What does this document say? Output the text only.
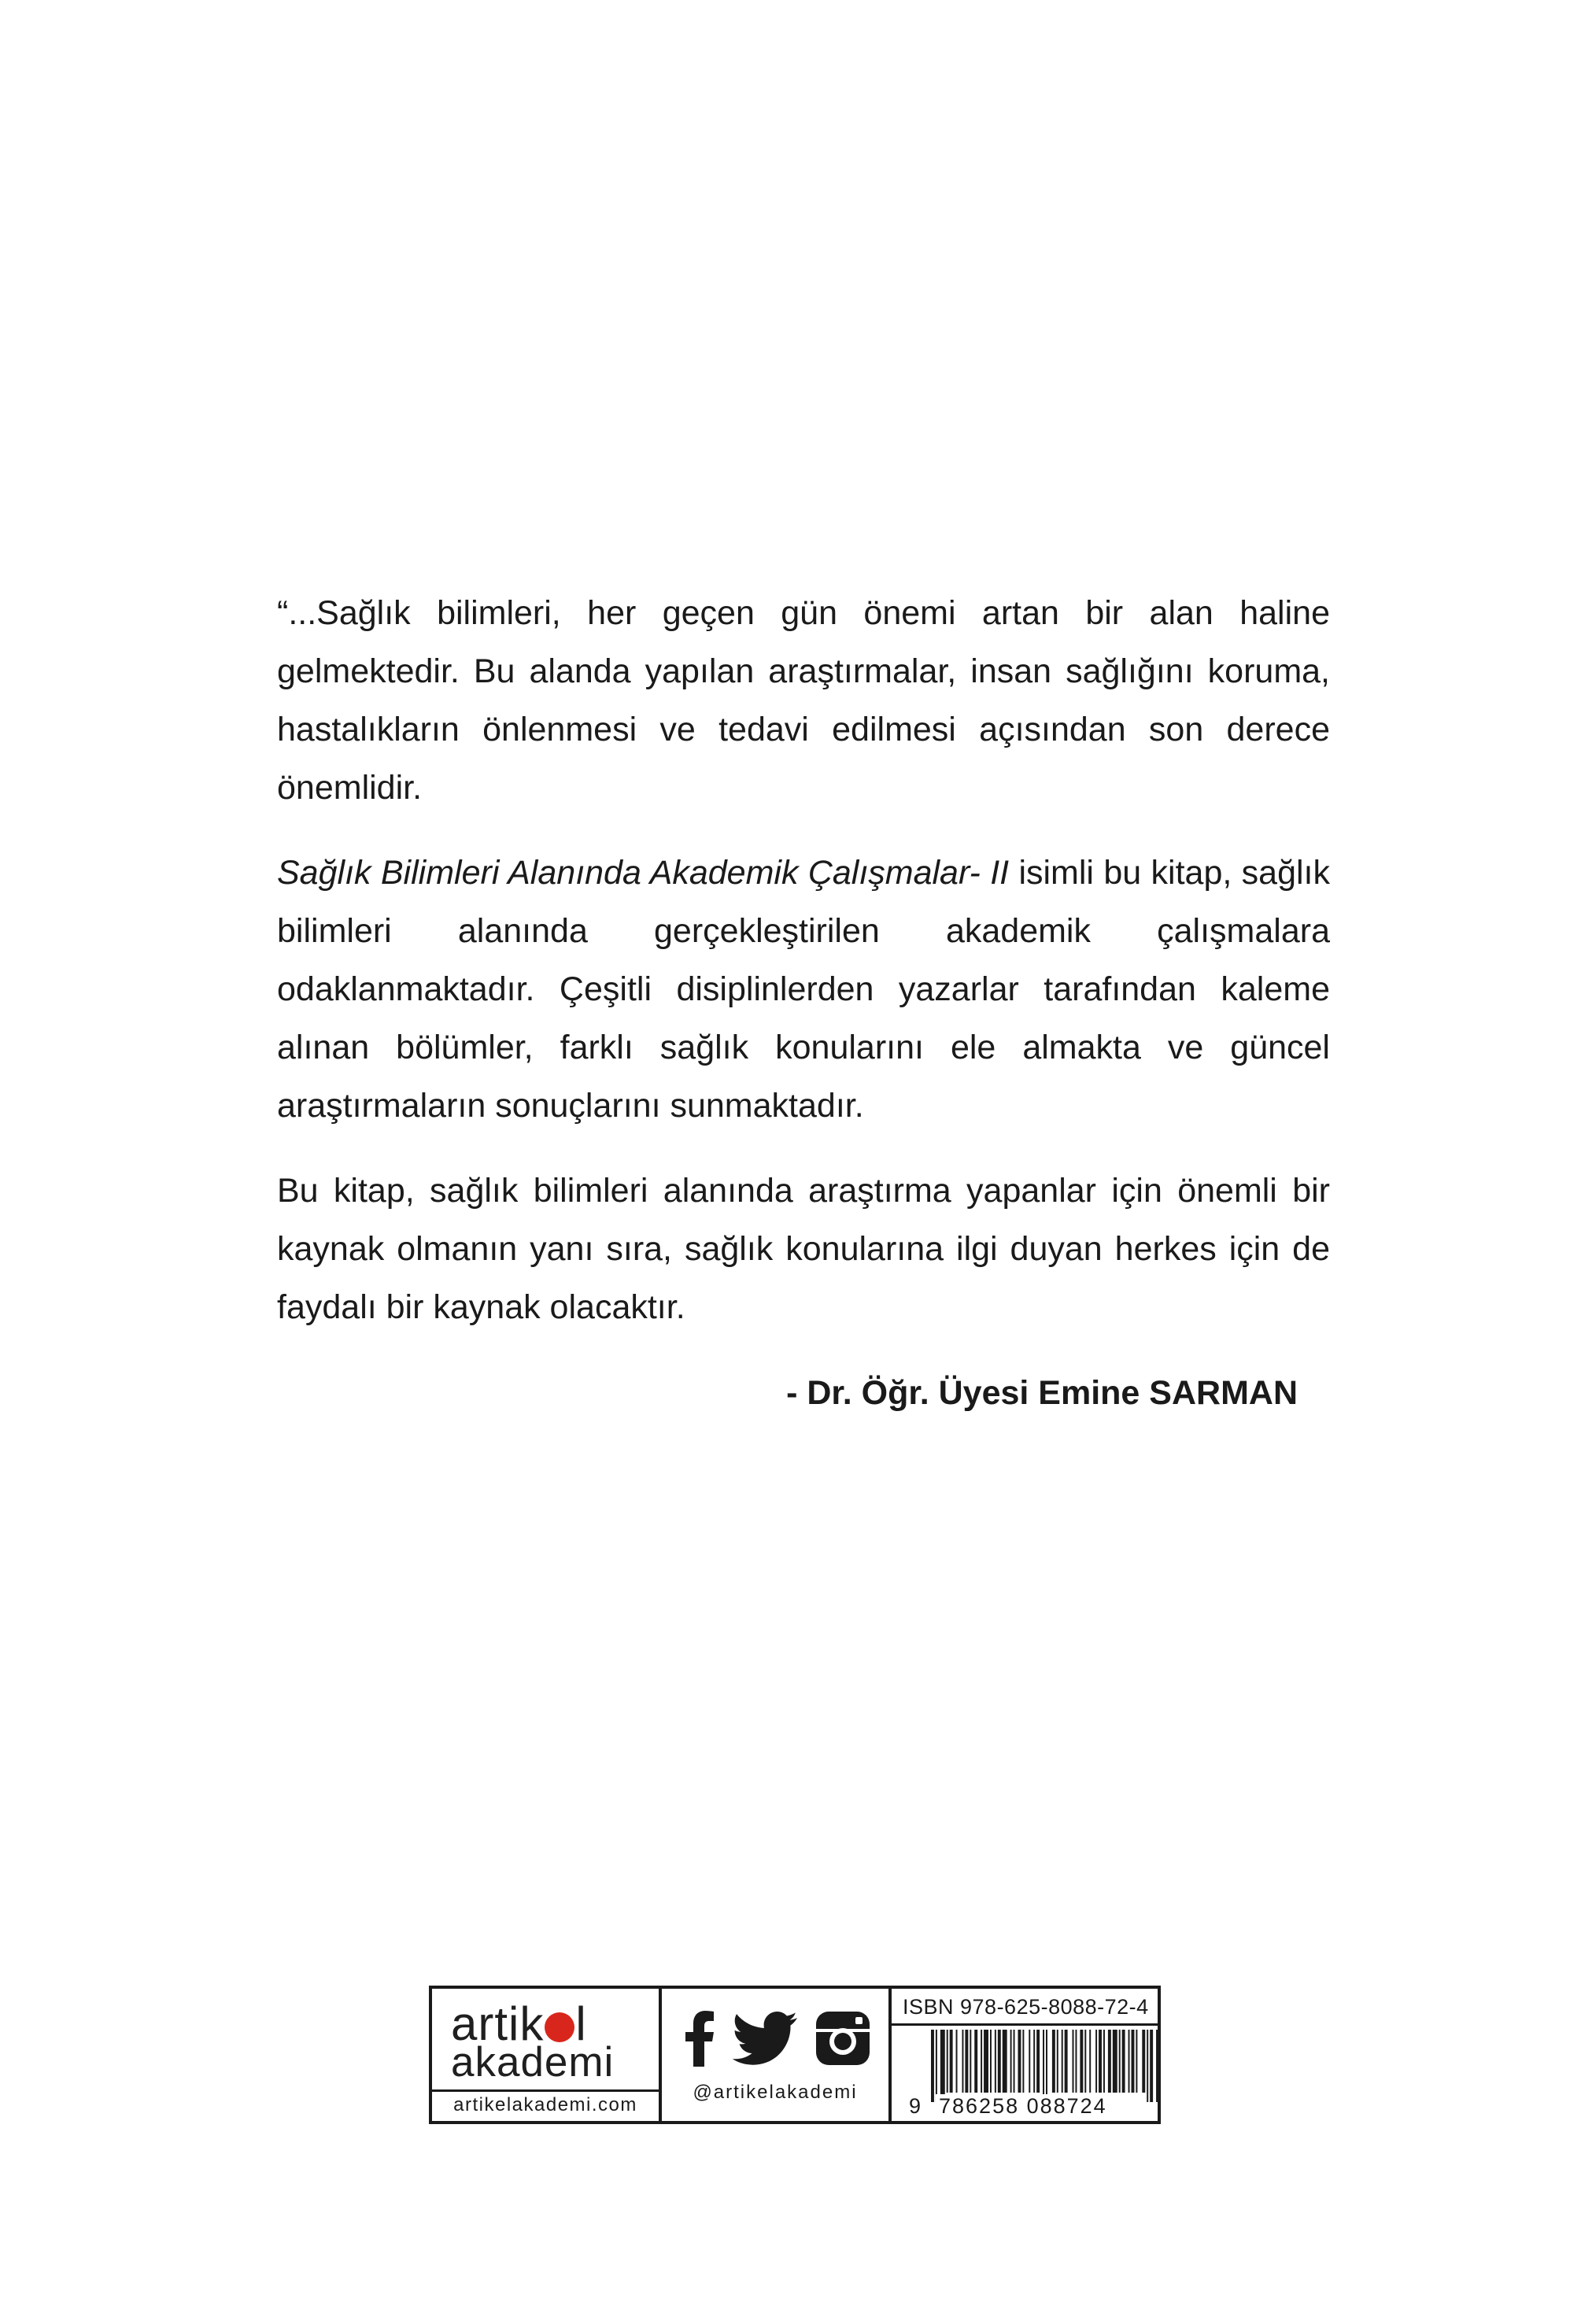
“...Sağlık bilimleri, her geçen gün önemi artan bir alan haline gelmektedir. Bu alanda yapılan araştırmalar, insan sağlığını koruma, hastalıkların önlenmesi ve tedavi edilmesi açısından son derece önemlidir.

Sağlık Bilimleri Alanında Akademik Çalışmalar- II isimli bu kitap, sağlık bilimleri alanında gerçekleştirilen akademik çalışmalara odaklanmaktadır. Çeşitli disiplinlerden yazarlar tarafından kaleme alınan bölümler, farklı sağlık konularını ele almakta ve güncel araştırmaların sonuçlarını sunmaktadır.

Bu kitap, sağlık bilimleri alanında araştırma yapanlar için önemli bir kaynak olmanın yanı sıra, sağlık konularına ilgi duyan herkes için de faydalı bir kaynak olacaktır.

- Dr. Öğr. Üyesi Emine SARMAN
artik l
akademi
artikelakademi.com
@artikelakademi
ISBN 978-625-8088-72-4
9 786258 088724
